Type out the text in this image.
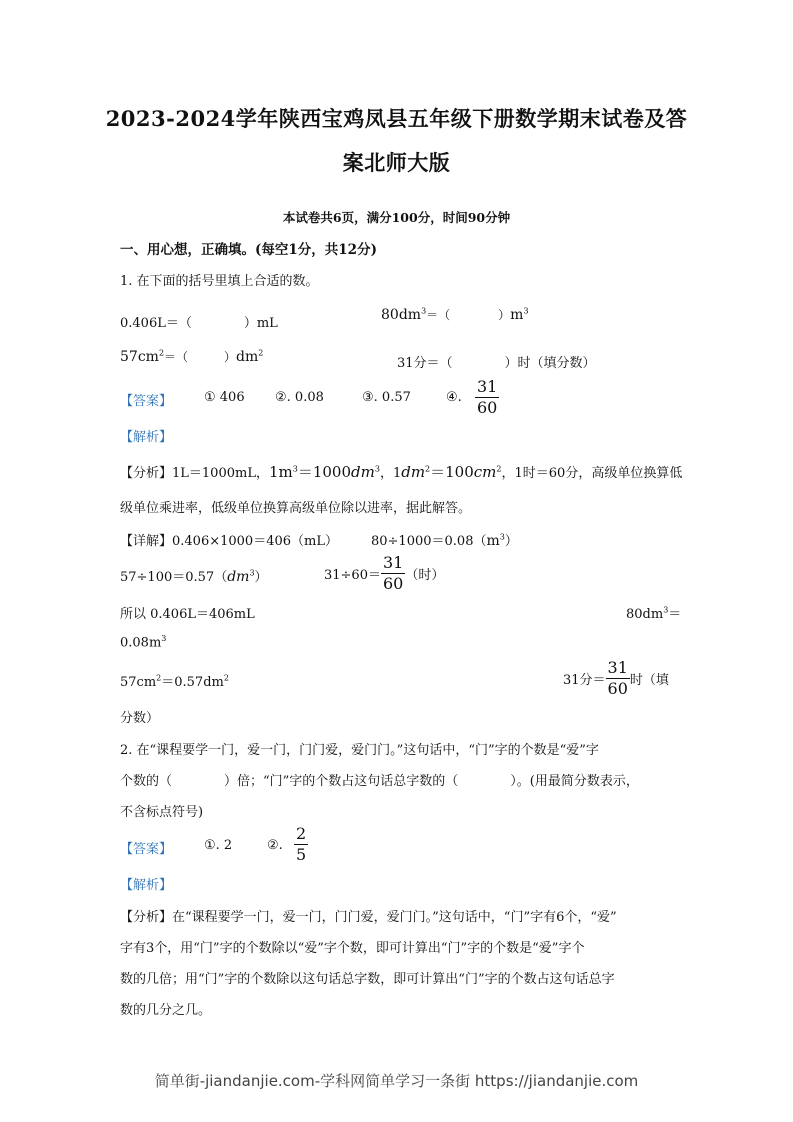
2023-2024学年陕西宝鸡凤县五年级下册数学期末试卷及答
案北师大版
本试卷共6页，满分100分，时间90分钟
一、用心想，正确填。(每空1分，共12分)
1. 在下面的括号里填上合适的数。
0.406L＝（　　　　）mL
$80dm^3=$（　　　　）$m^3$
$57cm^2=$（　　　）$dm^2$
31分＝（　　　　）时（填分数）
【答案】 ① 406 ②. 0.08	③. 0.57	④. $\frac{31}{60}$
【解析】
【分析】1L＝1000mL，$1m^3=1000dm^3$，$1dm^2=100cm^2$，1时＝60分，高级单位换算低
级单位乘进率，低级单位换算高级单位除以进率，据此解答。
【详解】0.406×1000＝406（mL）	$80\div 1000=0.08(m^3)$
$57\div 100=0.57(dm^3)$	$31\div 60= \frac{31}{60}$ （时）
所以 0.406L＝406mL	$80dm^3=$
$0.08m^3$
$57cm^2=0.57dm^2$	31分＝ $\frac{31}{60}$ 时（填
分数）
2. 在“课程要学一门，爱一门，门门爱，爱门门。”这句话中，“门”字的个数是“爱”字
个数的（　　　　）倍；“门”字的个数占这句话总字数的（　　　　）。(用最简分数表示，
不含标点符号)
【答案】 ①. 2	②. $\frac{2}{5}$
【解析】
【分析】在“课程要学一门，爱一门，门门爱，爱门门。”这句话中，“门”字有6个，“爱”
字有3个，用“门”字的个数除以“爱”字个数，即可计算出“门”字的个数是“爱”字个
数的几倍；用“门”字的个数除以这句话总字数，即可计算出“门”字的个数占这句话总字
数的几分之几。
简单街-jiandanjie.com-学科网简单学习一条街 https://jiandanjie.com
